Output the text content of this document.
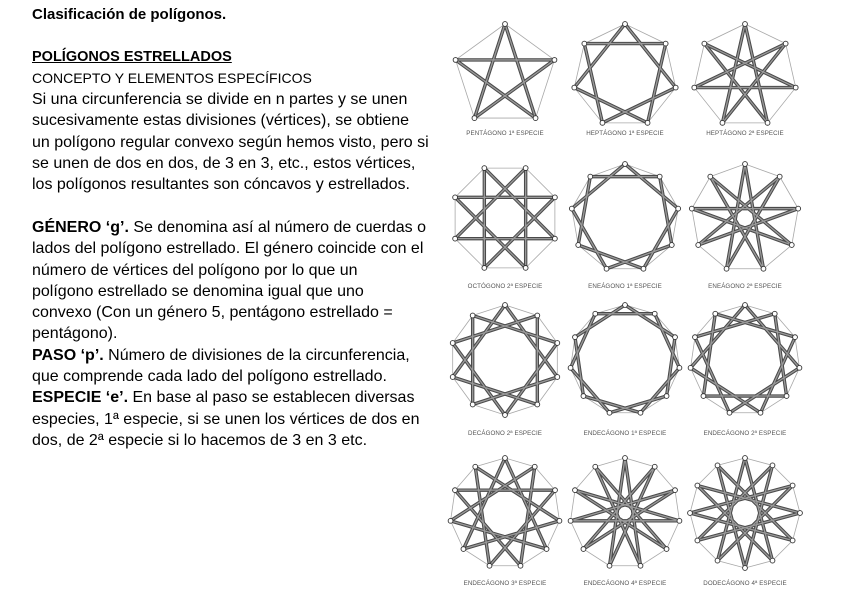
Clasificación de polígonos.
POLÍGONOS ESTRELLADOS
CONCEPTO Y ELEMENTOS ESPECÍFICOS
Si una circunferencia se divide en n partes y se unen
sucesivamente estas divisiones (vértices), se obtiene
un polígono regular convexo según hemos visto, pero si
se unen de dos en dos, de 3 en 3, etc., estos vértices,
los polígonos resultantes son cóncavos y estrellados.
GÉNERO ‘g’. Se denomina así al número de cuerdas o
lados del polígono estrellado. El género coincide con el
número de vértices del polígono por lo que un
polígono estrellado se denomina igual que uno
convexo (Con un género 5, pentágono estrellado =
pentágono).
PASO ‘p’. Número de divisiones de la circunferencia,
que comprende cada lado del polígono estrellado.
ESPECIE ‘e’. En base al paso se establecen diversas
especies, 1ª especie, si se unen los vértices de dos en
dos, de 2ª especie si lo hacemos de 3 en 3 etc.
PENTÁGONO 1ª ESPECIE	HEPTÁGONO 1ª ESPECIE	HEPTÁGONO 2ª ESPECIE
OCTÓGONO 2ª ESPECIE	ENEÁGONO 1ª ESPECIE	ENEÁGONO 2ª ESPECIE
DECÁGONO 2ª ESPECIE	ENDECÁGONO 1ª ESPECIE	ENDECÁGONO 2ª ESPECIE
ENDECÁGONO 3ª ESPECIE	ENDECÁGONO 4ª ESPECIE	DODECÁGONO 4ª ESPECIE
